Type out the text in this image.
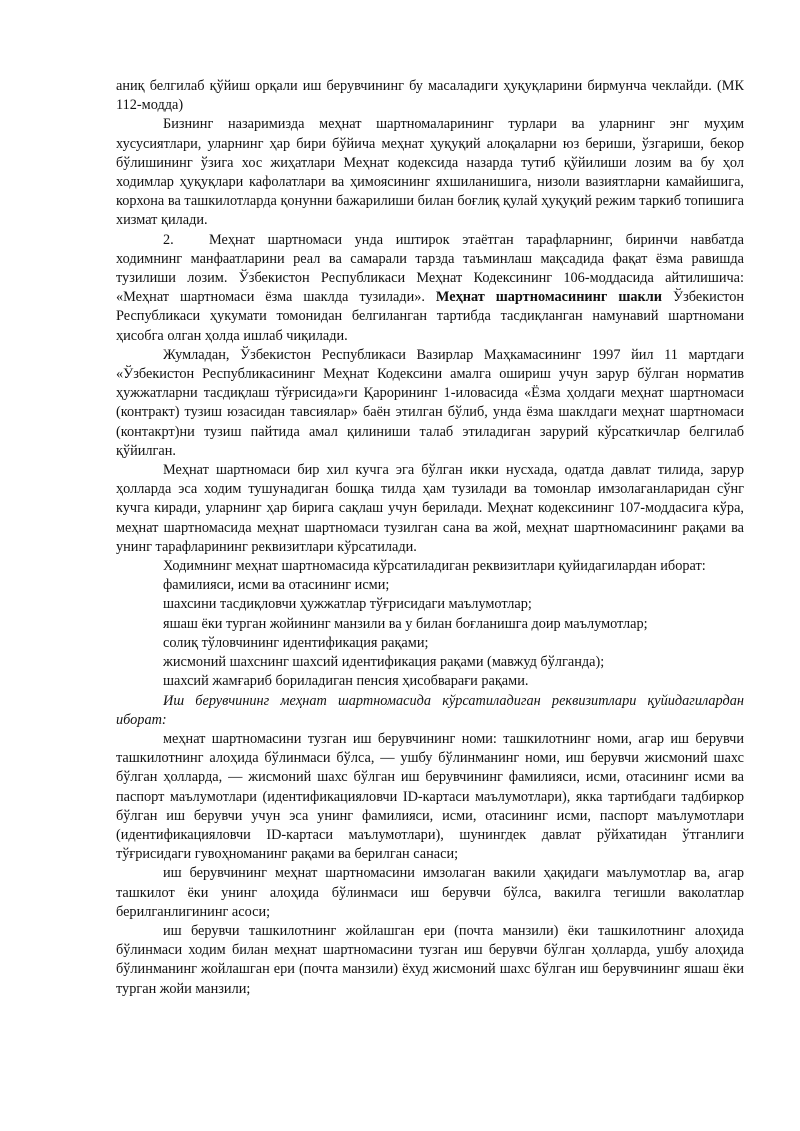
аниқ белгилаб қўйиш орқали иш берувчининг бу масаладиги ҳуқуқларини бирмунча чеклайди. (МК 112-модда)

Бизнинг назаримизда меҳнат шартномаларининг турлари ва уларнинг энг муҳим хусусиятлари, уларнинг ҳар бири бўйича меҳнат ҳуқуқий алоқаларни юз бериши, ўзгариши, бекор бўлишининг ўзига хос жиҳатлари Меҳнат кодексида назарда тутиб қўйилиши лозим ва бу ҳол ходимлар ҳуқуқлари кафолатлари ва ҳимоясининг яхшиланишига, низоли вазиятларни камайишига, корхона ва ташкилотларда қонунни бажарилиши билан боғлиқ қулай ҳуқуқий режим таркиб топишига хизмат қилади.

2. Меҳнат шартномаси унда иштирок этаётган тарафларнинг, биринчи навбатда ходимнинг манфаатларини реал ва самарали тарзда таъминлаш мақсадида фақат ёзма равишда тузилиши лозим. Ўзбекистон Республикаси Меҳнат Кодексининг 106-моддасида айтилишича: «Меҳнат шартномаси ёзма шаклда тузилади». Меҳнат шартномасининг шакли Ўзбекистон Республикаси ҳукумати томонидан белгиланган тартибда тасдиқланган намунавий шартномани ҳисобга олган ҳолда ишлаб чиқилади.

Жумладан, Ўзбекистон Республикаси Вазирлар Маҳкамасининг 1997 йил 11 мартдаги «Ўзбекистон Республикасининг Меҳнат Кодексини амалга ошириш учун зарур бўлган норматив ҳужжатларни тасдиқлаш тўғрисида»ги Қарорининг 1-иловасида «Ёзма ҳолдаги меҳнат шартномаси (контракт) тузиш юзасидан тавсиялар» баён этилган бўлиб, унда ёзма шаклдаги меҳнат шартномаси (контакрт)ни тузиш пайтида амал қилиниши талаб этиладиган зарурий кўрсаткичлар белгилаб қўйилган.

Меҳнат шартномаси бир хил кучга эга бўлган икки нусхада, одатда давлат тилида, зарур ҳолларда эса ходим тушунадиган бошқа тилда ҳам тузилади ва томонлар имзолаганларидан сўнг кучга киради, уларнинг ҳар бирига сақлаш учун берилади. Меҳнат кодексининг 107-моддасига кўра, меҳнат шартномасида меҳнат шартномаси тузилган сана ва жой, меҳнат шартномасининг рақами ва унинг тарафларининг реквизитлари кўрсатилади.

Ходимнинг меҳнат шартномасида кўрсатиладиган реквизитлари қуйидагилардан иборат:

фамилияси, исми ва отасининг исми;

шахсини тасдиқловчи ҳужжатлар тўғрисидаги маълумотлар;

яшаш ёки турган жойининг манзили ва у билан боғланишга доир маълумотлар;

солиқ тўловчининг идентификация рақами;

жисмоний шахснинг шахсий идентификация рақами (мавжуд бўлганда);

шахсий жамғариб бориладиган пенсия ҳисобварағи рақами.

Иш берувчининг меҳнат шартномасида кўрсатиладиган реквизитлари қуйидагилардан иборат:

меҳнат шартномасини тузган иш берувчининг номи: ташкилотнинг номи, агар иш берувчи ташкилотнинг алоҳида бўлинмаси бўлса, — ушбу бўлинманинг номи, иш берувчи жисмоний шахс бўлган ҳолларда, — жисмоний шахс бўлган иш берувчининг фамилияси, исми, отасининг исми ва паспорт маълумотлари (идентификацияловчи ID-картаси маълумотлари), якка тартибдаги тадбиркор бўлган иш берувчи учун эса унинг фамилияси, исми, отасининг исми, паспорт маълумотлари (идентификацияловчи ID-картаси маълумотлари), шунингдек давлат рўйхатидан ўтганлиги тўғрисидаги гувоҳноманинг рақами ва берилган санаси;

иш берувчининг меҳнат шартномасини имзолаган вакили ҳақидаги маълумотлар ва, агар ташкилот ёки унинг алоҳида бўлинмаси иш берувчи бўлса, вакилга тегишли ваколатлар берилганлигининг асоси;

иш берувчи ташкилотнинг жойлашган ери (почта манзили) ёки ташкилотнинг алоҳида бўлинмаси ходим билан меҳнат шартномасини тузган иш берувчи бўлган ҳолларда, ушбу алоҳида бўлинманинг жойлашган ери (почта манзили) ёхуд жисмоний шахс бўлган иш берувчининг яшаш ёки турган жойи манзили;
